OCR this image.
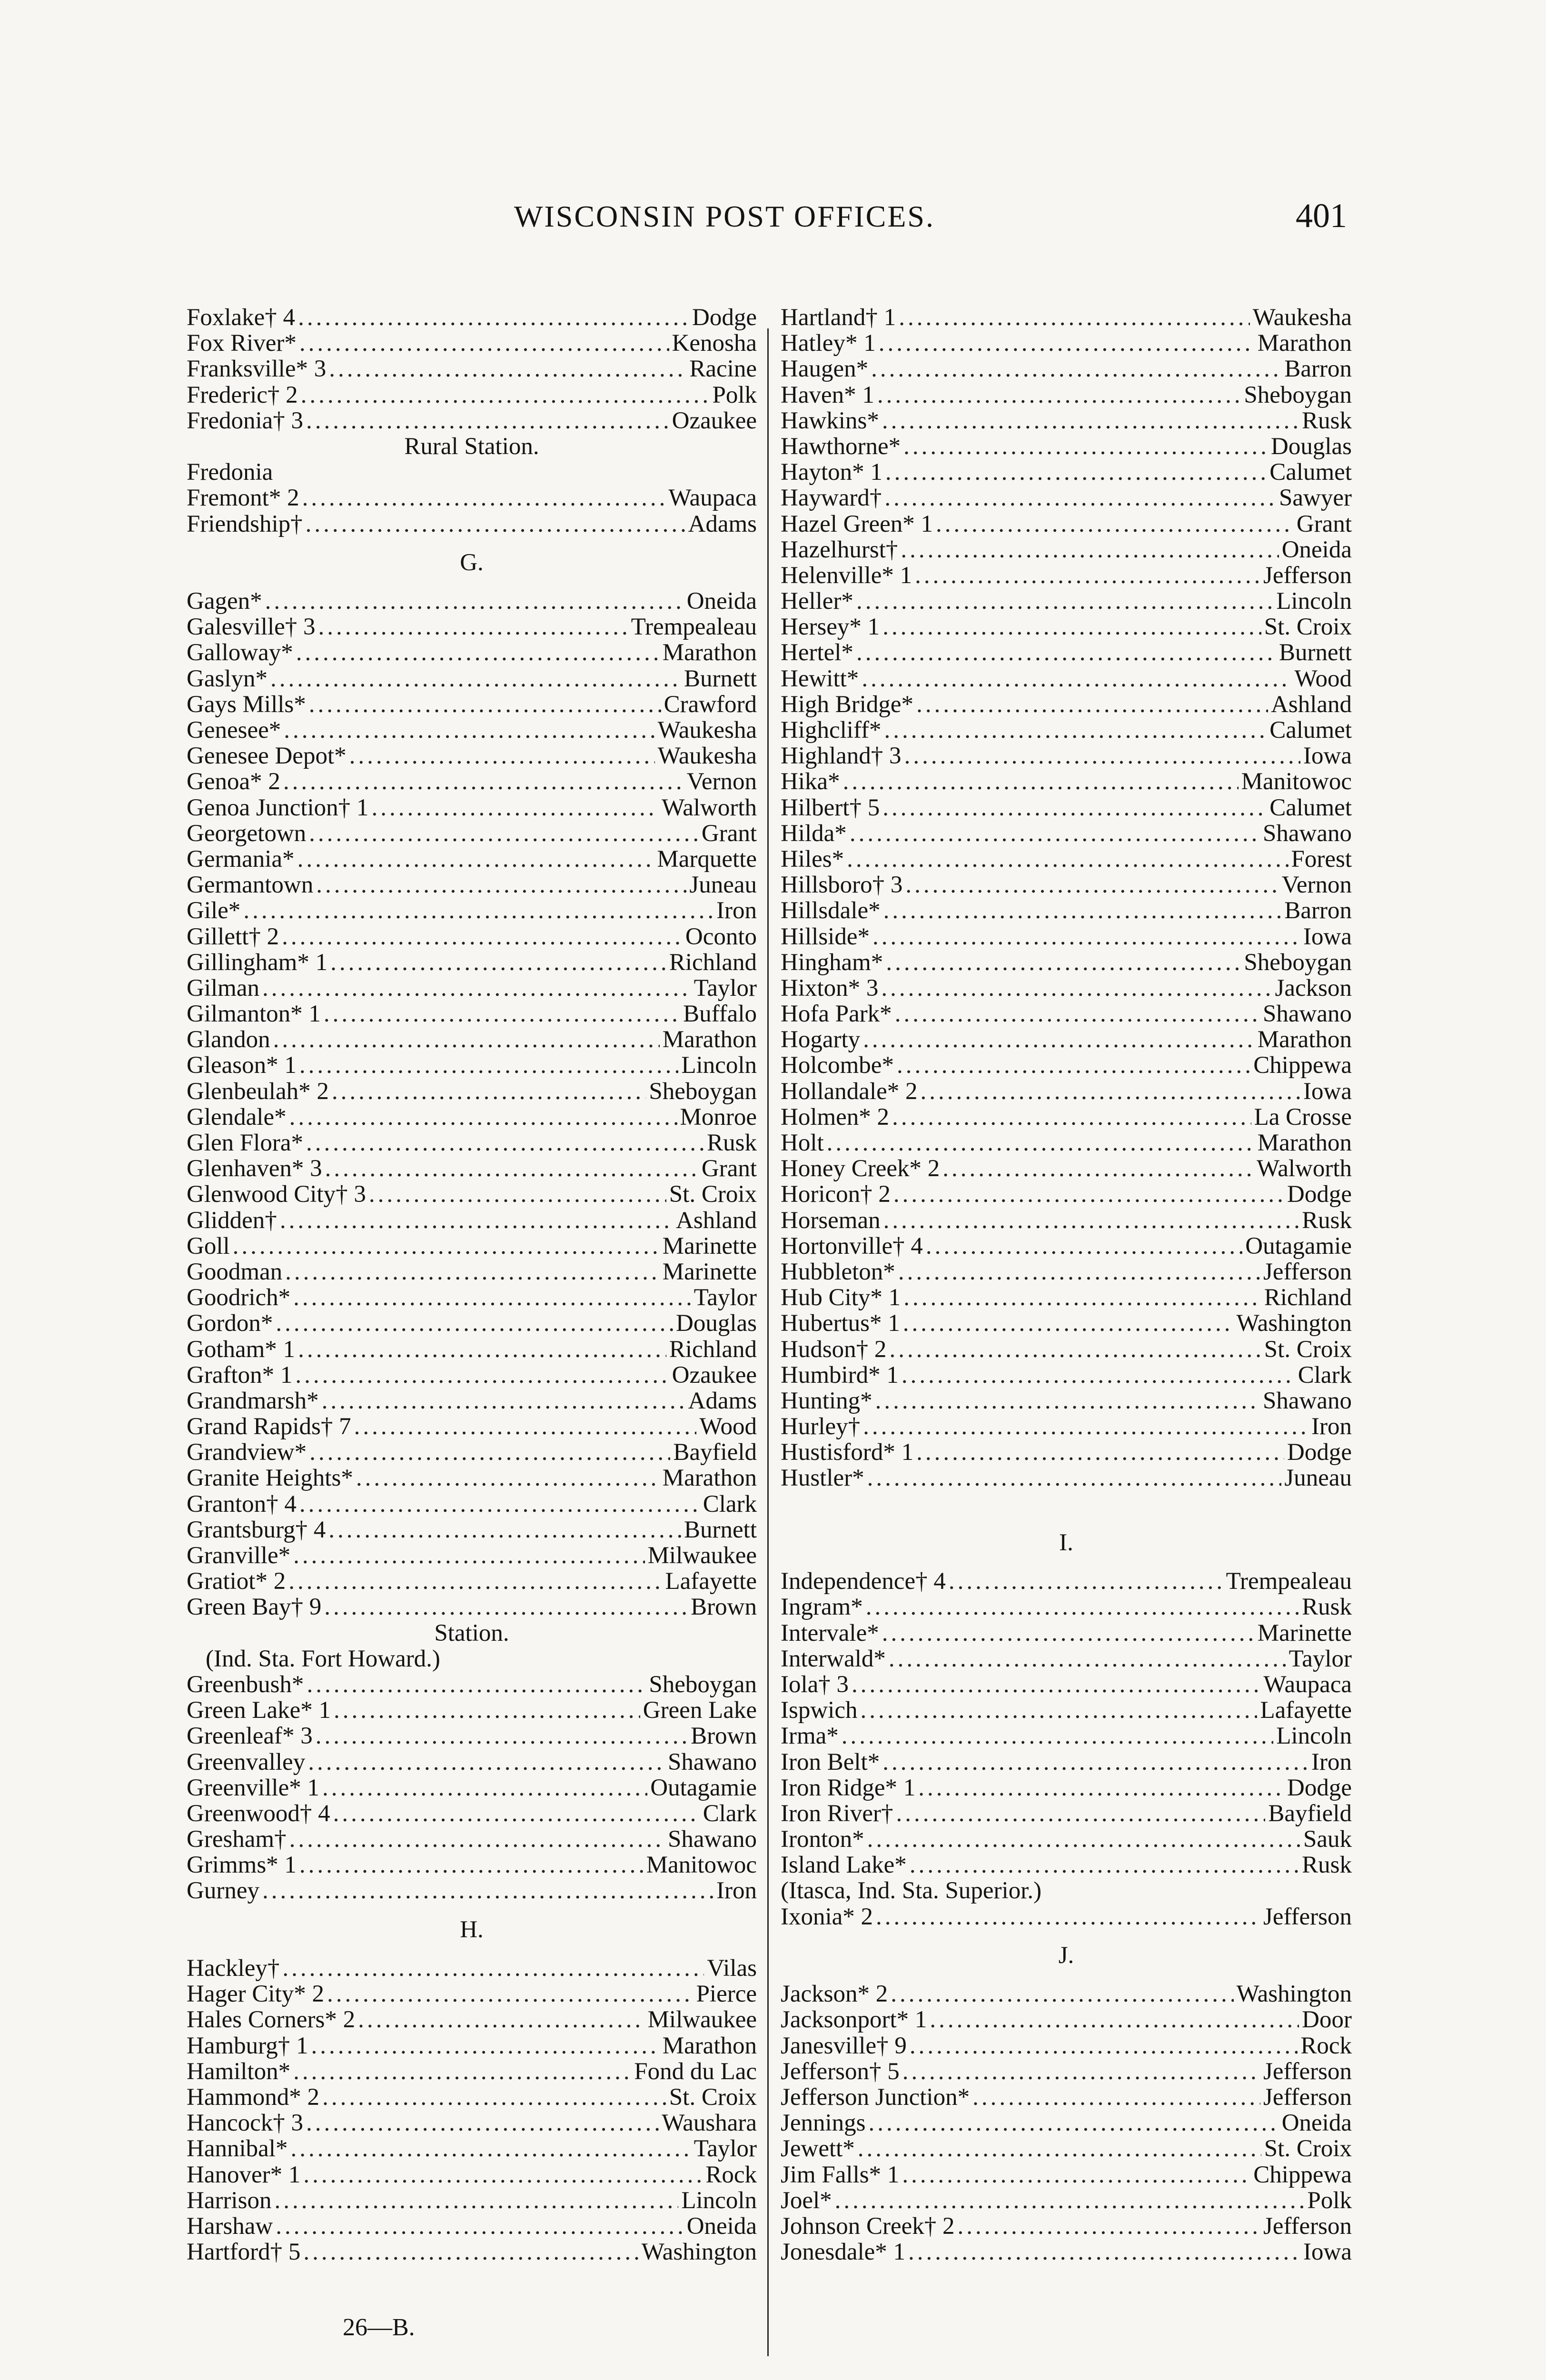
WISCONSIN POST OFFICES.	401
Foxlake† 4 .....	Dodge
Fox River* .....	Kenosha
Franksville* 3 .....	Racine
Frederic† 2 .....	Polk
Fredonia† 3 .....	Ozaukee
Rural Station.
Fredonia
Fremont* 2 .....	Waupaca
Friendship† .....	Adams
G.
Gagen* .....	Oneida
Galesville† 3 .....	Trempealeau
Galloway* .....	Marathon
Gaslyn* .....	Burnett
Gays Mills* .....	Crawford
Genesee* .....	Waukesha
Genesee Depot* .....	Waukesha
Genoa* 2 .....	Vernon
Genoa Junction† 1 .....	Walworth
Georgetown .....	Grant
Germania* .....	Marquette
Germantown .....	Juneau
Gile* .....	Iron
Gillett† 2 .....	Oconto
Gillingham* 1 .....	Richland
Gilman .....	Taylor
Gilmanton* 1 .....	Buffalo
Glandon .....	Marathon
Gleason* 1 .....	Lincoln
Glenbeulah* 2 .....	Sheboygan
Glendale* .....	Monroe
Glen Flora* .....	Rusk
Glenhaven* 3 .....	Grant
Glenwood City† 3 .....	St. Croix
Glidden† .....	Ashland
Goll .....	Marinette
Goodman .....	Marinette
Goodrich* .....	Taylor
Gordon* .....	Douglas
Gotham* 1 .....	Richland
Grafton* 1 .....	Ozaukee
Grandmarsh* .....	Adams
Grand Rapids† 7 .....	Wood
Grandview* .....	Bayfield
Granite Heights* .....	Marathon
Granton† 4 .....	Clark
Grantsburg† 4 .....	Burnett
Granville* .....	Milwaukee
Gratiot* 2 .....	Lafayette
Green Bay† 9 .....	Brown
Station.
(Ind. Sta. Fort Howard.)
Greenbush* .....	Sheboygan
Green Lake* 1 .....	Green Lake
Greenleaf* 3 .....	Brown
Greenvalley .....	Shawano
Greenville* 1 .....	Outagamie
Greenwood† 4 .....	Clark
Gresham† .....	Shawano
Grimms* 1 .....	Manitowoc
Gurney .....	Iron
H.
Hackley† .....	Vilas
Hager City* 2 .....	Pierce
Hales Corners* 2 .....	Milwaukee
Hamburg† 1 .....	Marathon
Hamilton* .....	Fond du Lac
Hammond* 2 .....	St. Croix
Hancock† 3 .....	Waushara
Hannibal* .....	Taylor
Hanover* 1 .....	Rock
Harrison .....	Lincoln
Harshaw .....	Oneida
Hartford† 5 .....	Washington
Hartland† 1 .....	Waukesha
Hatley* 1 .....	Marathon
Haugen* .....	Barron
Haven* 1 .....	Sheboygan
Hawkins* .....	Rusk
Hawthorne* .....	Douglas
Hayton* 1 .....	Calumet
Hayward† .....	Sawyer
Hazel Green* 1 .....	Grant
Hazelhurst† .....	Oneida
Helenville* 1 .....	Jefferson
Heller* .....	Lincoln
Hersey* 1 .....	St. Croix
Hertel* .....	Burnett
Hewitt* .....	Wood
High Bridge* .....	Ashland
Highcliff* .....	Calumet
Highland† 3 .....	Iowa
Hika* .....	Manitowoc
Hilbert† 5 .....	Calumet
Hilda* .....	Shawano
Hiles* .....	Forest
Hillsboro† 3 .....	Vernon
Hillsdale* .....	Barron
Hillside* .....	Iowa
Hingham* .....	Sheboygan
Hixton* 3 .....	Jackson
Hofa Park* .....	Shawano
Hogarty .....	Marathon
Holcombe* .....	Chippewa
Hollandale* 2 .....	Iowa
Holmen* 2 .....	La Crosse
Holt .....	Marathon
Honey Creek* 2 .....	Walworth
Horicon† 2 .....	Dodge
Horseman .....	Rusk
Hortonville† 4 .....	Outagamie
Hubbleton* .....	Jefferson
Hub City* 1 .....	Richland
Hubertus* 1 .....	Washington
Hudson† 2 .....	St. Croix
Humbird* 1 .....	Clark
Hunting* .....	Shawano
Hurley† .....	Iron
Hustisford* 1 .....	Dodge
Hustler* .....	Juneau
I.
Independence† 4 .....	Trempealeau
Ingram* .....	Rusk
Intervale* .....	Marinette
Interwald* .....	Taylor
Iola† 3 .....	Waupaca
Ispwich .....	Lafayette
Irma* .....	Lincoln
Iron Belt* .....	Iron
Iron Ridge* 1 .....	Dodge
Iron River† .....	Bayfield
Ironton* .....	Sauk
Island Lake* .....	Rusk
(Itasca, Ind. Sta. Superior.)
Ixonia* 2 .....	Jefferson
J.
Jackson* 2 .....	Washington
Jacksonport* 1 .....	Door
Janesville† 9 .....	Rock
Jefferson† 5 .....	Jefferson
Jefferson Junction* .....	Jefferson
Jennings .....	Oneida
Jewett* .....	St. Croix
Jim Falls* 1 .....	Chippewa
Joel* .....	Polk
Johnson Creek† 2 .....	Jefferson
Jonesdale* 1 .....	Iowa
26—B.
